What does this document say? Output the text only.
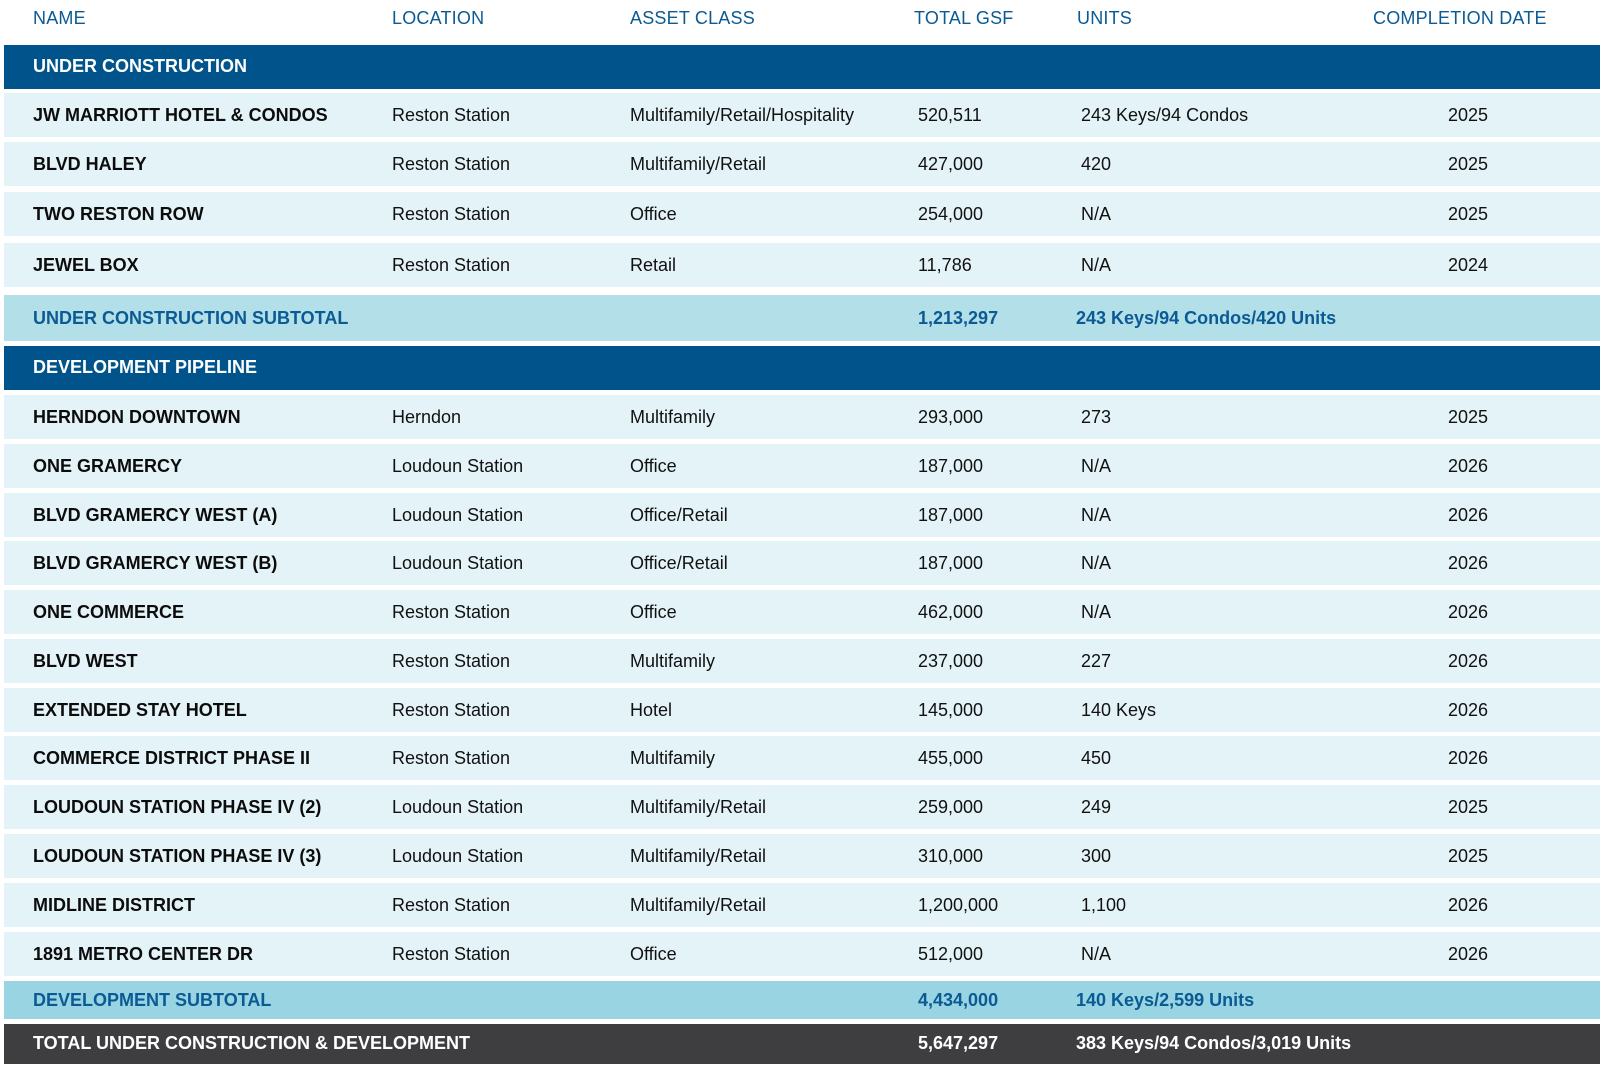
NAME	LOCATION	ASSET CLASS	TOTAL GSF	UNITS	COMPLETION DATE
UNDER CONSTRUCTION
JW MARRIOTT HOTEL & CONDOS	Reston Station	Multifamily/Retail/Hospitality	520,511	243 Keys/94 Condos	2025
BLVD HALEY	Reston Station	Multifamily/Retail	427,000	420	2025
TWO RESTON ROW	Reston Station	Office	254,000	N/A	2025
JEWEL BOX	Reston Station	Retail	11,786	N/A	2024
UNDER CONSTRUCTION SUBTOTAL	1,213,297	243 Keys/94 Condos/420 Units
DEVELOPMENT PIPELINE
HERNDON DOWNTOWN	Herndon	Multifamily	293,000	273	2025
ONE GRAMERCY	Loudoun Station	Office	187,000	N/A	2026
BLVD GRAMERCY WEST (A)	Loudoun Station	Office/Retail	187,000	N/A	2026
BLVD GRAMERCY WEST (B)	Loudoun Station	Office/Retail	187,000	N/A	2026
ONE COMMERCE	Reston Station	Office	462,000	N/A	2026
BLVD WEST	Reston Station	Multifamily	237,000	227	2026
EXTENDED STAY HOTEL	Reston Station	Hotel	145,000	140 Keys	2026
COMMERCE DISTRICT PHASE II	Reston Station	Multifamily	455,000	450	2026
LOUDOUN STATION PHASE IV (2)	Loudoun Station	Multifamily/Retail	259,000	249	2025
LOUDOUN STATION PHASE IV (3)	Loudoun Station	Multifamily/Retail	310,000	300	2025
MIDLINE DISTRICT	Reston Station	Multifamily/Retail	1,200,000	1,100	2026
1891 METRO CENTER DR	Reston Station	Office	512,000	N/A	2026
DEVELOPMENT SUBTOTAL	4,434,000	140 Keys/2,599 Units
TOTAL UNDER CONSTRUCTION & DEVELOPMENT	5,647,297	383 Keys/94 Condos/3,019 Units
